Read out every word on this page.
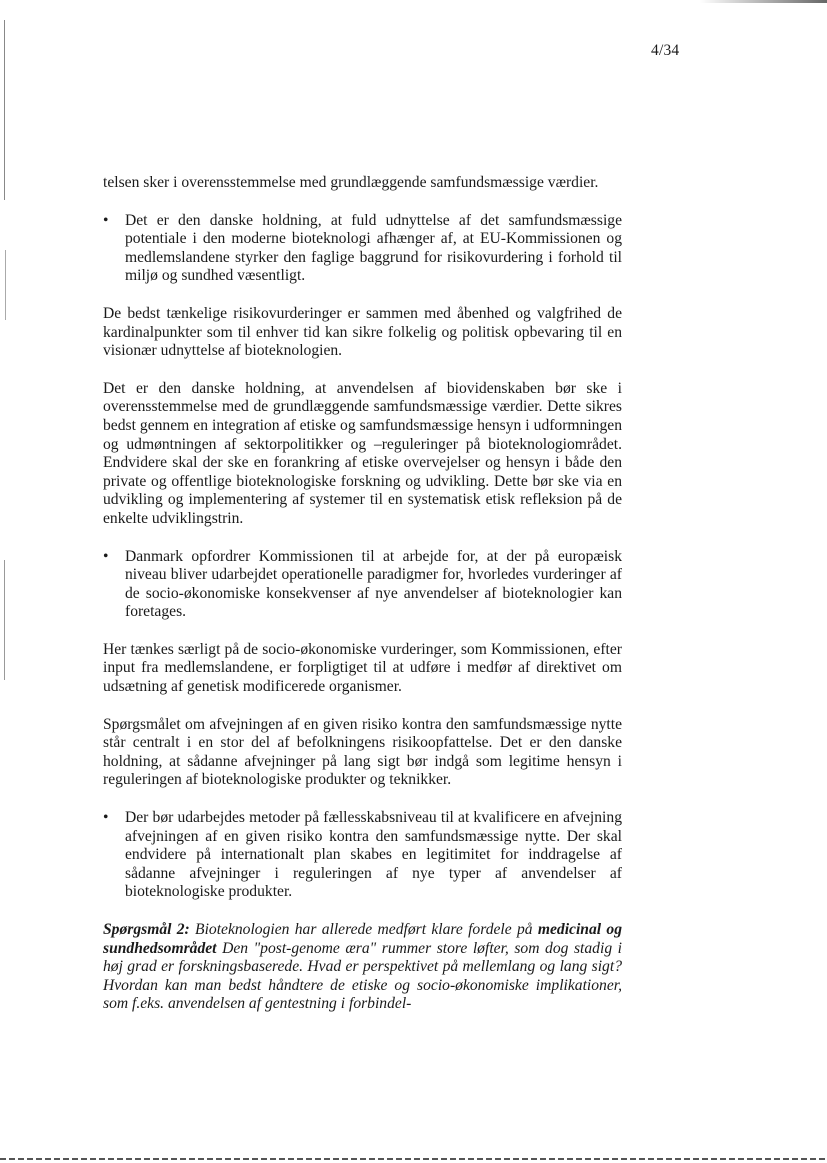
4/34

telsen sker i overensstemmelse med grundlæggende samfundsmæssige værdier.

• Det er den danske holdning, at fuld udnyttelse af det samfundsmæssige potentiale i den moderne bioteknologi afhænger af, at EU-Kommissionen og medlemslandene styrker den faglige baggrund for risikovurdering i forhold til miljø og sundhed væsentligt.

De bedst tænkelige risikovurderinger er sammen med åbenhed og valgfrihed de kardinalpunkter som til enhver tid kan sikre folkelig og politisk opbevaring til en visionær udnyttelse af bioteknologien.

Det er den danske holdning, at anvendelsen af biovidenskaben bør ske i overensstemmelse med de grundlæggende samfundsmæssige værdier. Dette sikres bedst gennem en integration af etiske og samfundsmæssige hensyn i udformningen og udmøntningen af sektorpolitikker og –reguleringer på bioteknologiområdet. Endvidere skal der ske en forankring af etiske overvejelser og hensyn i både den private og offentlige bioteknologiske forskning og udvikling. Dette bør ske via en udvikling og implementering af systemer til en systematisk etisk refleksion på de enkelte udviklingstrin.

• Danmark opfordrer Kommissionen til at arbejde for, at der på europæisk niveau bliver udarbejdet operationelle paradigmer for, hvorledes vurderinger af de socio-økonomiske konsekvenser af nye anvendelser af bioteknologier kan foretages.

Her tænkes særligt på de socio-økonomiske vurderinger, som Kommissionen, efter input fra medlemslandene, er forpligtiget til at udføre i medfør af direktivet om udsætning af genetisk modificerede organismer.

Spørgsmålet om afvejningen af en given risiko kontra den samfundsmæssige nytte står centralt i en stor del af befolkningens risikoopfattelse. Det er den danske holdning, at sådanne afvejninger på lang sigt bør indgå som legitime hensyn i reguleringen af bioteknologiske produkter og teknikker.

• Der bør udarbejdes metoder på fællesskabsniveau til at kvalificere en afvejning afvejningen af en given risiko kontra den samfundsmæssige nytte. Der skal endvidere på internationalt plan skabes en legitimitet for inddragelse af sådanne afvejninger i reguleringen af nye typer af anvendelser af bioteknologiske produkter.

Spørgsmål 2: Bioteknologien har allerede medført klare fordele på medicinal og sundhedsområdet Den "post-genome æra" rummer store løfter, som dog stadig i høj grad er forskningsbaserede. Hvad er perspektivet på mellemlang og lang sigt? Hvordan kan man bedst håndtere de etiske og socio-økonomiske implikationer, som f.eks. anvendelsen af gentestning i forbindel-
